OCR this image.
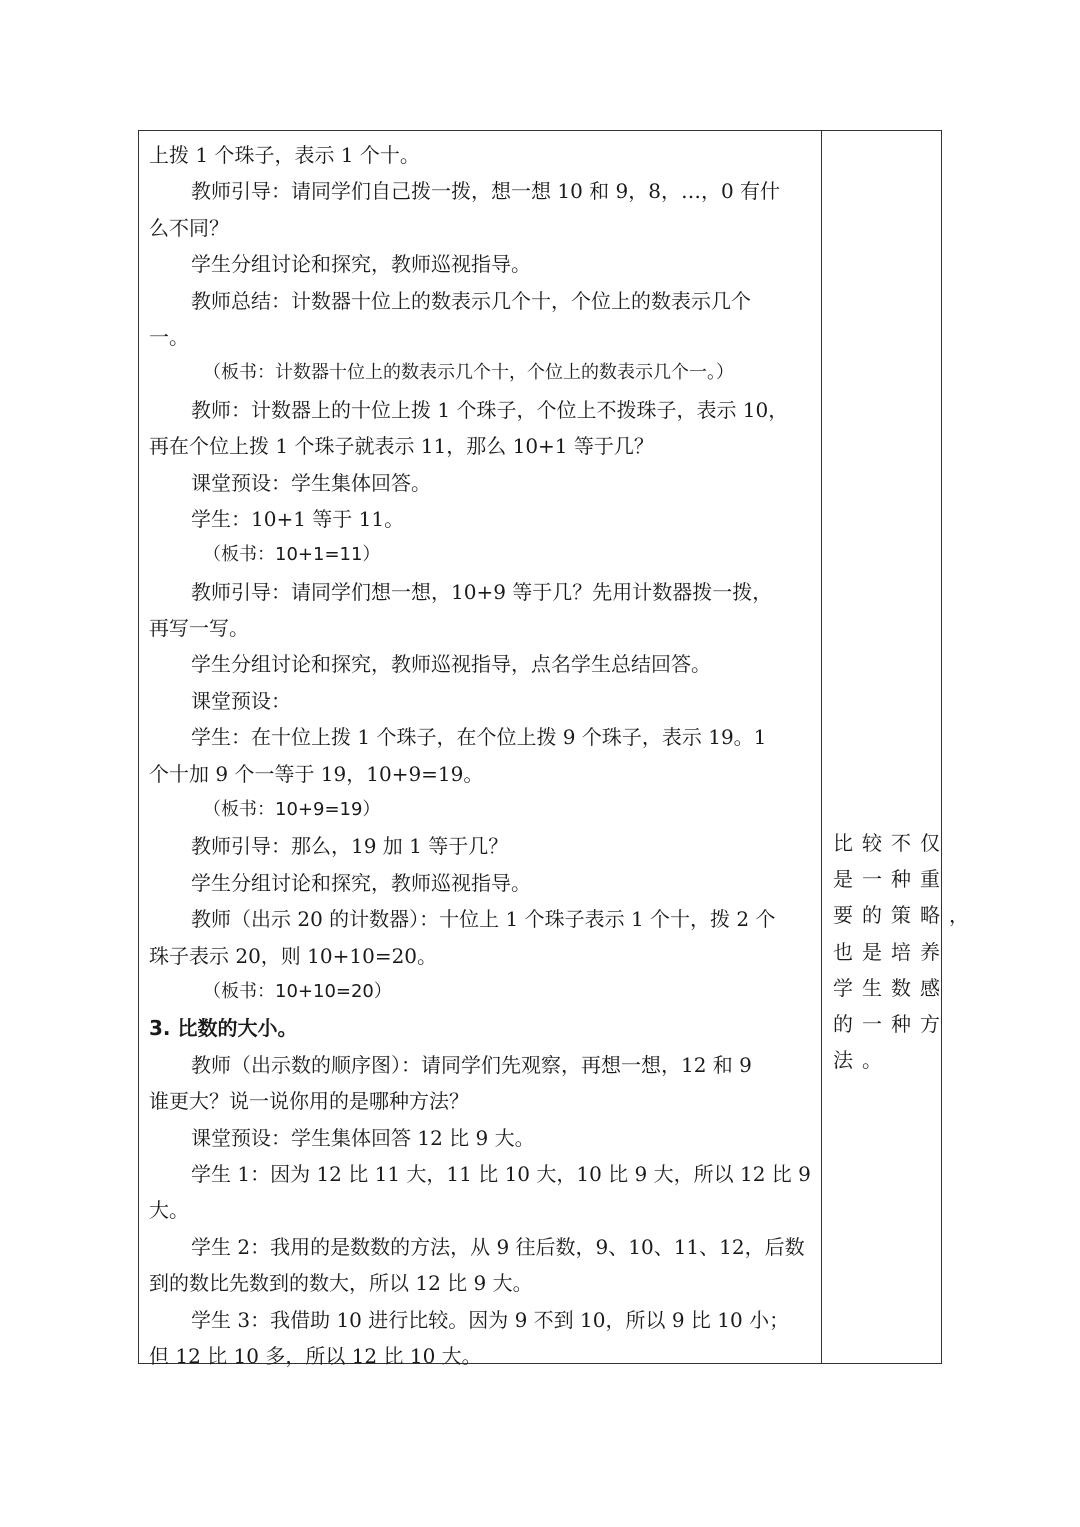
上拨 1 个珠子，表示 1 个十。
教师引导：请同学们自己拨一拨，想一想 10 和 9，8，…，0 有什
么不同？
学生分组讨论和探究，教师巡视指导。
教师总结：计数器十位上的数表示几个十，个位上的数表示几个
一。
（板书：计数器十位上的数表示几个十，个位上的数表示几个一。）
教师：计数器上的十位上拨 1 个珠子，个位上不拨珠子，表示 10，
再在个位上拨 1 个珠子就表示 11，那么 10+1 等于几？
课堂预设：学生集体回答。
学生：10+1 等于 11。
（板书：10+1=11）
教师引导：请同学们想一想，10+9 等于几？先用计数器拨一拨，
再写一写。
学生分组讨论和探究，教师巡视指导，点名学生总结回答。
课堂预设：
学生：在十位上拨 1 个珠子，在个位上拨 9 个珠子，表示 19。1
个十加 9 个一等于 19，10+9=19。
（板书：10+9=19）
教师引导：那么，19 加 1 等于几？
学生分组讨论和探究，教师巡视指导。
教师（出示 20 的计数器）：十位上 1 个珠子表示 1 个十，拨 2 个
珠子表示 20，则 10+10=20。
（板书：10+10=20）
3. 比数的大小。
教师（出示数的顺序图）：请同学们先观察，再想一想，12 和 9
谁更大？说一说你用的是哪种方法？
课堂预设：学生集体回答 12 比 9 大。
学生 1：因为 12 比 11 大，11 比 10 大，10 比 9 大，所以 12 比 9
大。
学生 2：我用的是数数的方法，从 9 往后数，9、10、11、12，后数
到的数比先数到的数大，所以 12 比 9 大。
学生 3：我借助 10 进行比较。因为 9 不到 10，所以 9 比 10 小；
但 12 比 10 多，所以 12 比 10 大。
比较不仅
是一种重
要的策略，
也是培养
学生数感
的一种方
法。
